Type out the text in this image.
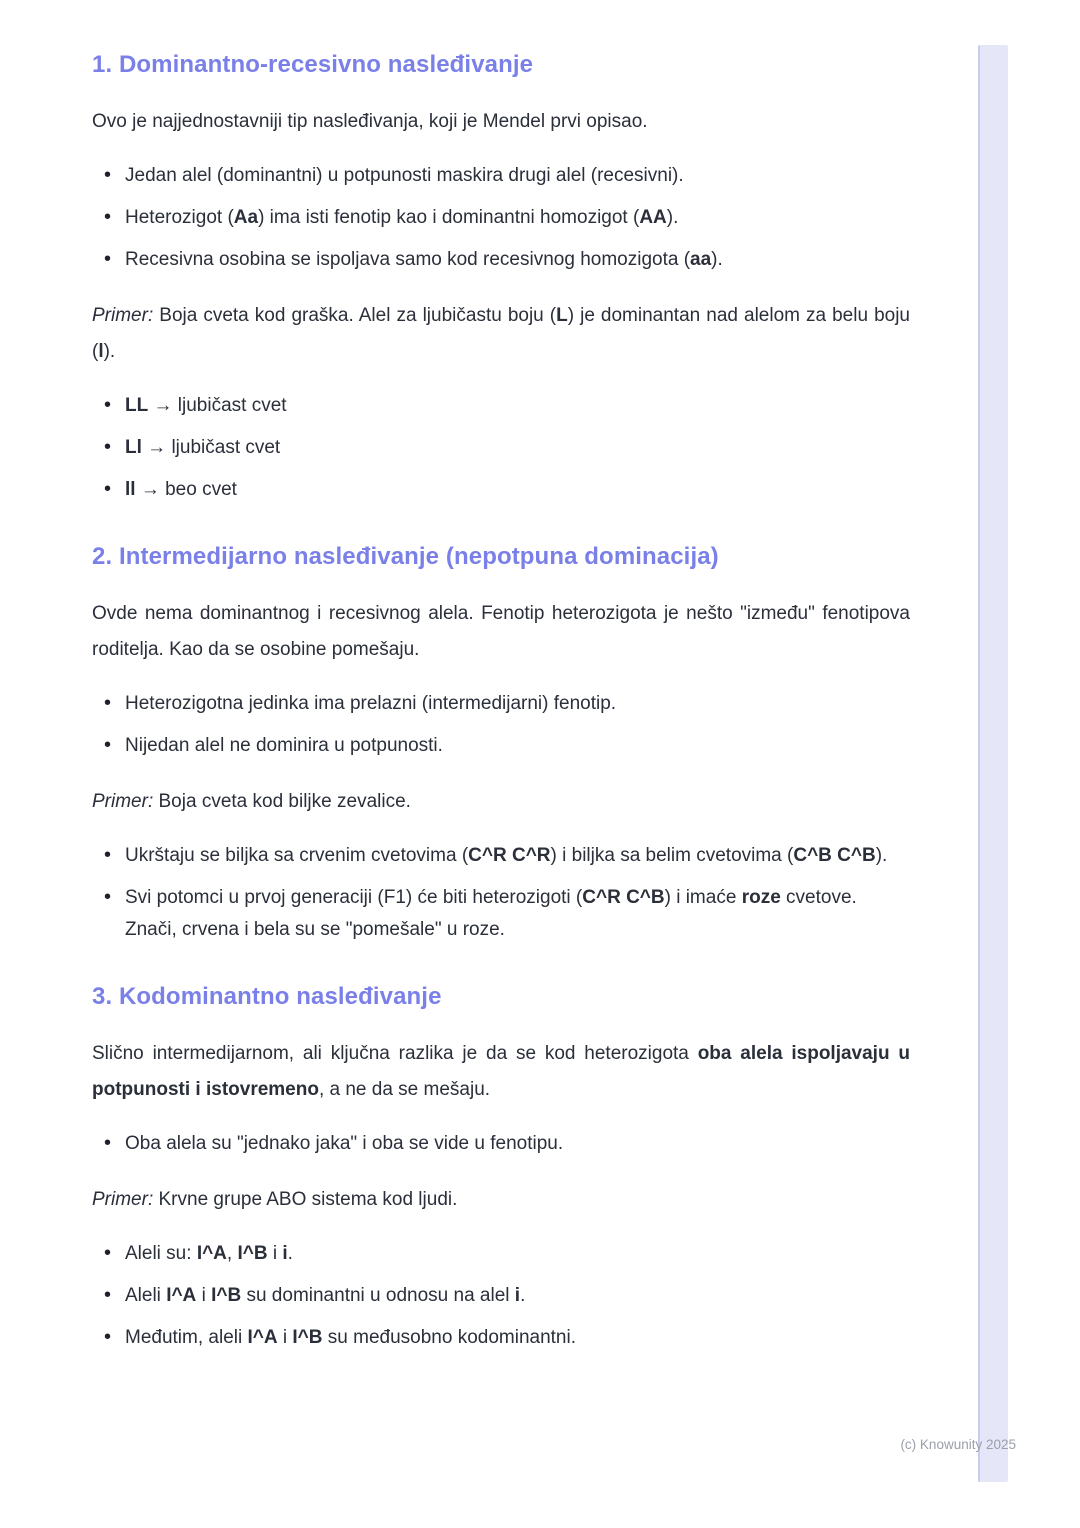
1. Dominantno-recesivno nasleđivanje

Ovo je najjednostavniji tip nasleđivanja, koji je Mendel prvi opisao.

• Jedan alel (dominantni) u potpunosti maskira drugi alel (recesivni).
• Heterozigot (Aa) ima isti fenotip kao i dominantni homozigot (AA).
• Recesivna osobina se ispoljava samo kod recesivnog homozigota (aa).

Primer: Boja cveta kod graška. Alel za ljubičastu boju (L) je dominantan nad alelom za belu boju (l).

• LL → ljubičast cvet
• Ll → ljubičast cvet
• ll → beo cvet
2. Intermedijarno nasleđivanje (nepotpuna dominacija)

Ovde nema dominantnog i recesivnog alela. Fenotip heterozigota je nešto "između" fenotipova roditelja. Kao da se osobine pomešaju.

• Heterozigotna jedinka ima prelazni (intermedijarni) fenotip.
• Nijedan alel ne dominira u potpunosti.

Primer: Boja cveta kod biljke zevalice.

• Ukrštaju se biljka sa crvenim cvetovima (C^R C^R) i biljka sa belim cvetovima (C^B C^B).
• Svi potomci u prvoj generaciji (F1) će biti heterozigoti (C^R C^B) i imaće roze cvetove. Znači, crvena i bela su se "pomešale" u roze.
3. Kodominantno nasleđivanje

Slično intermedijarnom, ali ključna razlika je da se kod heterozigota oba alela ispoljavaju u potpunosti i istovremeno, a ne da se mešaju.

• Oba alela su "jednako jaka" i oba se vide u fenotipu.

Primer: Krvne grupe ABO sistema kod ljudi.

• Aleli su: I^A, I^B i i.
• Aleli I^A i I^B su dominantni u odnosu na alel i.
• Međutim, aleli I^A i I^B su međusobno kodominantni.
(c) Knowunity 2025
